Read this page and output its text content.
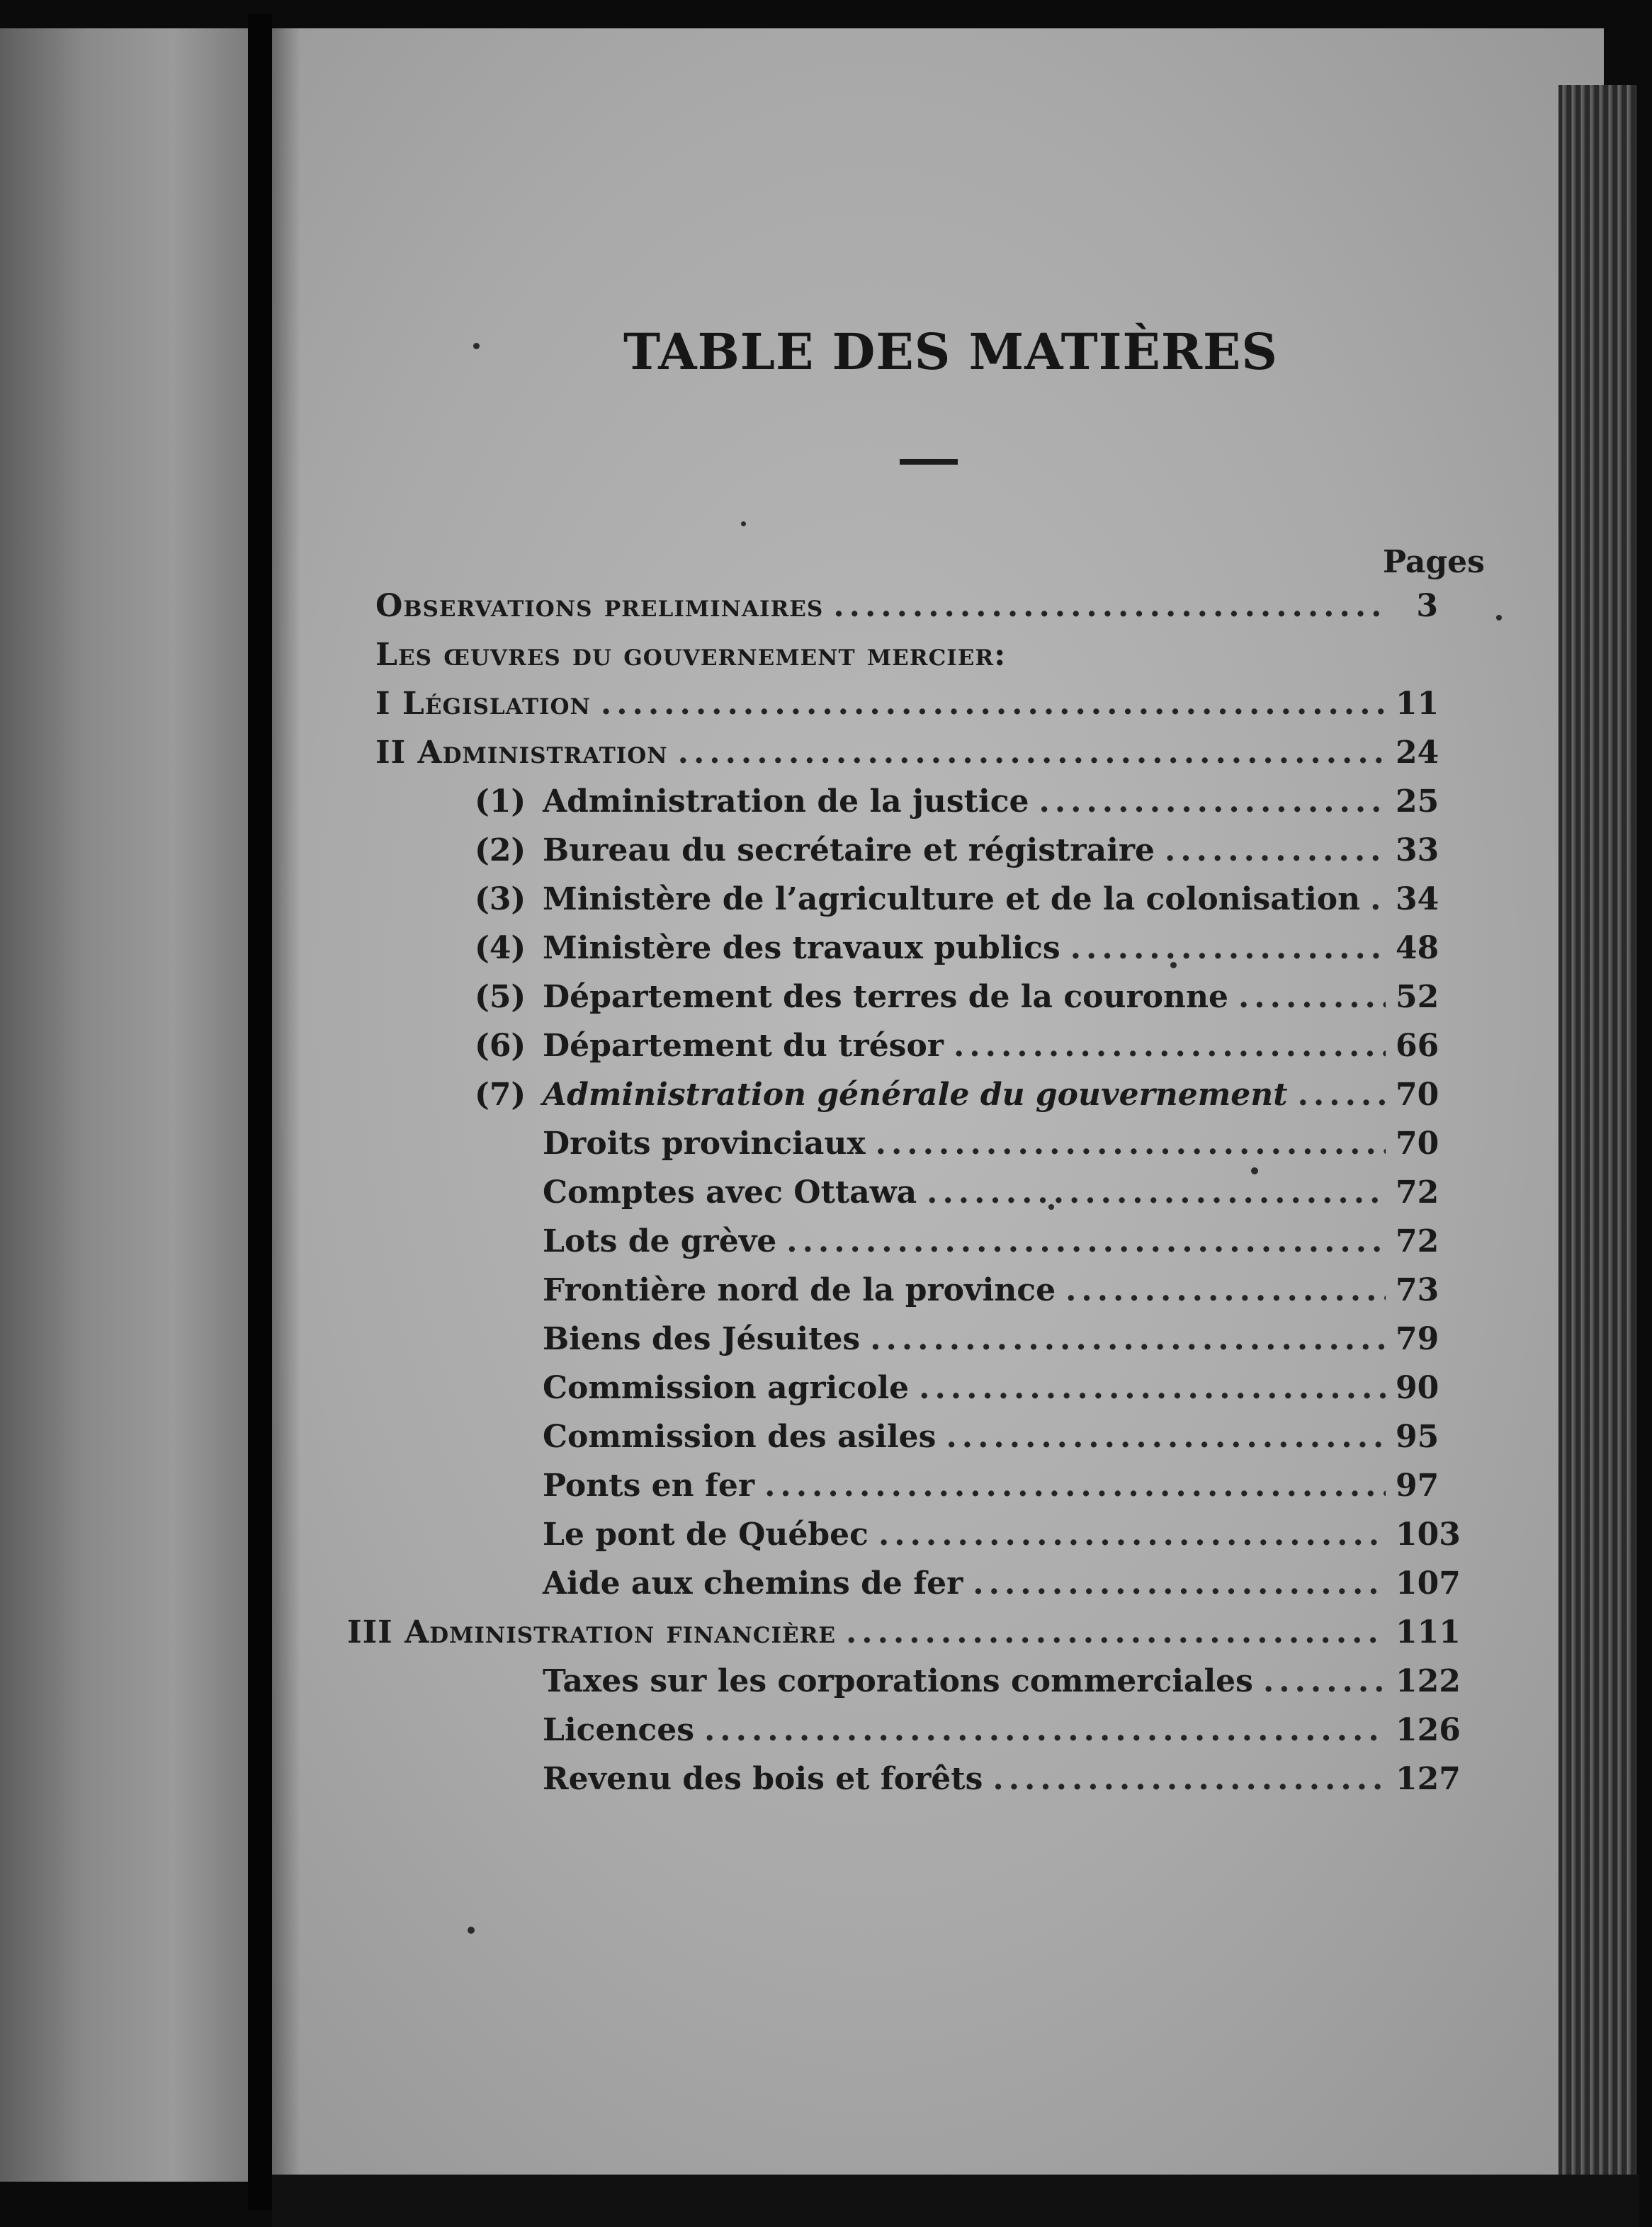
TABLE DES MATIÈRES
Pages
Observations preliminaires .....	3
Les œuvres du gouvernement mercier:
I Législation .....	11
II Administration .....	24
(1) Administration de la justice .....	25
(2) Bureau du secrétaire et régistraire .....	33
(3) Ministère de l’agriculture et de la colonisation ..... 34
(4) Ministère des travaux publics .....	48
(5) Département des terres de la couronne .....	52
(6) Département du trésor .....	66
(7) Administration générale du gouvernement .....	70
Droits provinciaux .....	70
Comptes avec Ottawa .....	72
Lots de grève .....	72
Frontière nord de la province .....	73
Biens des Jésuites .....	79
Commission agricole .....	90
Commission des asiles .....	95
Ponts en fer .....	97
Le pont de Québec .....	103
Aide aux chemins de fer .....	107
III Administration financière .....	111
Taxes sur les corporations commerciales .....	122
Licences .....	126
Revenu des bois et forêts .....	127
